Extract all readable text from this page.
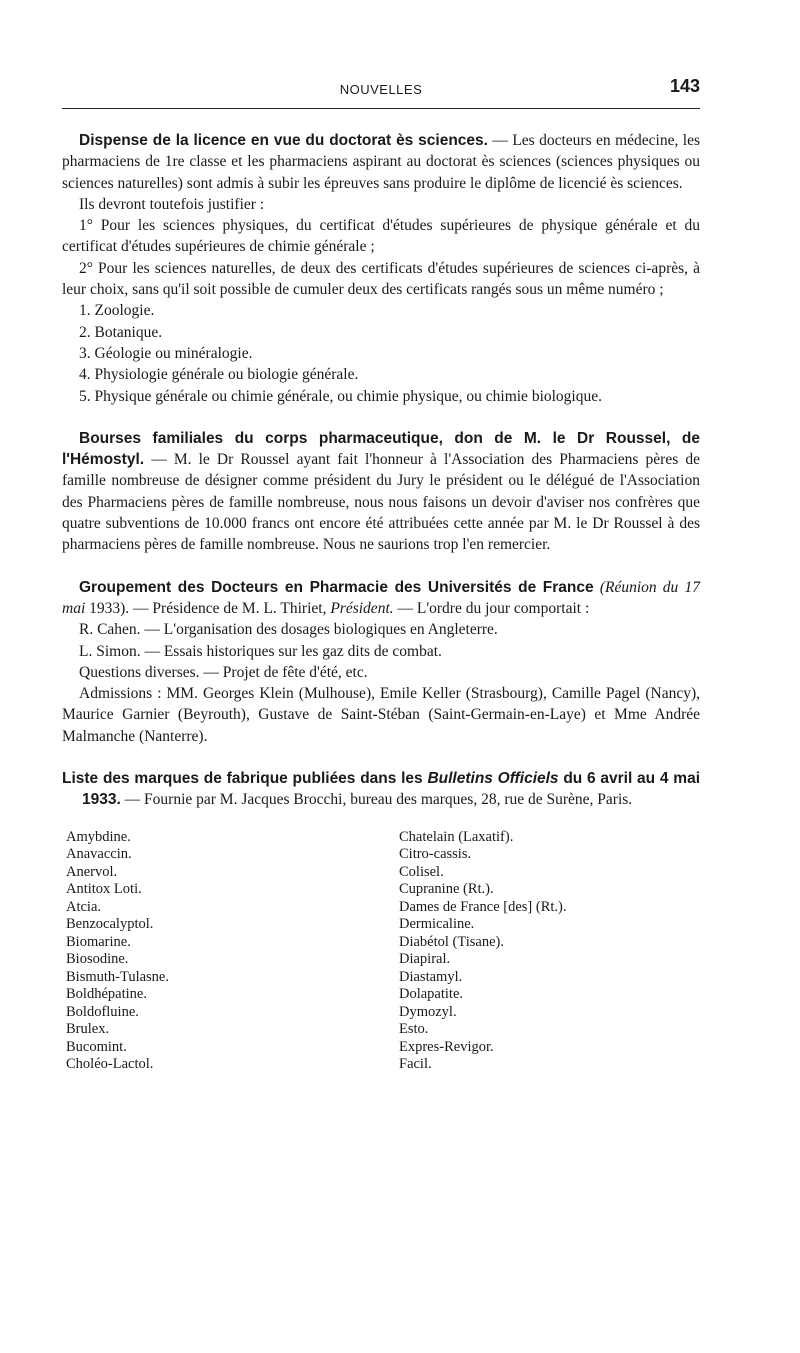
NOUVELLES	143

Dispense de la licence en vue du doctorat ès sciences. — Les docteurs en médecine, les pharmaciens de 1re classe et les pharmaciens aspirant au doctorat ès sciences (sciences physiques ou sciences naturelles) sont admis à subir les épreuves sans produire le diplôme de licencié ès sciences.

Ils devront toutefois justifier :

1° Pour les sciences physiques, du certificat d'études supérieures de physique générale et du certificat d'études supérieures de chimie générale ;

2° Pour les sciences naturelles, de deux des certificats d'études supérieures de sciences ci-après, à leur choix, sans qu'il soit possible de cumuler deux des certificats rangés sous un même numéro ;

1. Zoologie.
2. Botanique.
3. Géologie ou minéralogie.
4. Physiologie générale ou biologie générale.
5. Physique générale ou chimie générale, ou chimie physique, ou chimie biologique.

Bourses familiales du corps pharmaceutique, don de M. le Dr Roussel, de l'Hémostyl. — M. le Dr Roussel ayant fait l'honneur à l'Association des Pharmaciens pères de famille nombreuse de désigner comme président du Jury le président ou le délégué de l'Association des Pharmaciens pères de famille nombreuse, nous nous faisons un devoir d'aviser nos confrères que quatre subventions de 10.000 francs ont encore été attribuées cette année par M. le Dr Roussel à des pharmaciens pères de famille nombreuse. Nous ne saurions trop l'en remercier.

Groupement des Docteurs en Pharmacie des Universités de France (Réunion du 17 mai 1933). — Présidence de M. L. Thiriet, Président. — L'ordre du jour comportait :

R. Cahen. — L'organisation des dosages biologiques en Angleterre.

L. Simon. — Essais historiques sur les gaz dits de combat.

Questions diverses. — Projet de fête d'été, etc.

Admissions : MM. Georges Klein (Mulhouse), Emile Keller (Strasbourg), Camille Pagel (Nancy), Maurice Garnier (Beyrouth), Gustave de Saint-Stéban (Saint-Germain-en-Laye) et Mme Andrée Malmanche (Nanterre).

Liste des marques de fabrique publiées dans les Bulletins Officiels du 6 avril au 4 mai 1933. — Fournie par M. Jacques Brocchi, bureau des marques, 28, rue de Surène, Paris.

Amybdine.
Anavaccin.
Anervol.
Antitox Loti.
Atcia.
Benzocalyptol.
Biomarine.
Biosodine.
Bismuth-Tulasne.
Boldhépatine.
Boldofluine.
Brulex.
Bucomint.
Choléo-Lactol.
Chatelain (Laxatif).
Citro-cassis.
Colisel.
Cupranine (Rt.).
Dames de France [des] (Rt.).
Dermicaline.
Diabétol (Tisane).
Diapiral.
Diastamyl.
Dolapatite.
Dymozyl.
Esto.
Expres-Revigor.
Facil.
